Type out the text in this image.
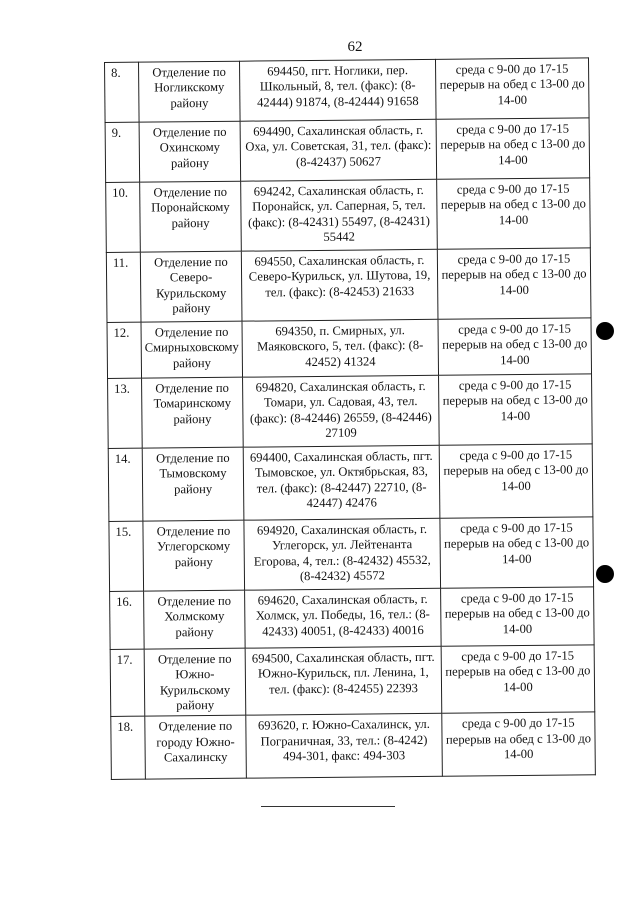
62
8.	Отделение по Ногликскому району	694450, пгт. Ноглики, пер. Школьный, 8, тел. (факс): (8-42444) 91874, (8-42444) 91658	среда с 9-00 до 17-15 перерыв на обед с 13-00 до 14-00
9.	Отделение по Охинскому району	694490, Сахалинская область, г. Оха, ул. Советская, 31, тел. (факс): (8-42437) 50627	среда с 9-00 до 17-15 перерыв на обед с 13-00 до 14-00
10.	Отделение по Поронайскому району	694242, Сахалинская область, г. Поронайск, ул. Саперная, 5, тел. (факс): (8-42431) 55497, (8-42431) 55442	среда с 9-00 до 17-15 перерыв на обед с 13-00 до 14-00
11.	Отделение по Северо-Курильскому району	694550, Сахалинская область, г. Северо-Курильск, ул. Шутова, 19, тел. (факс): (8-42453) 21633	среда с 9-00 до 17-15 перерыв на обед с 13-00 до 14-00
12.	Отделение по Смирныховскому району	694350, п. Смирных, ул. Маяковского, 5, тел. (факс): (8-42452) 41324	среда с 9-00 до 17-15 перерыв на обед с 13-00 до 14-00
13.	Отделение по Томаринскому району	694820, Сахалинская область, г. Томари, ул. Садовая, 43, тел. (факс): (8-42446) 26559, (8-42446) 27109	среда с 9-00 до 17-15 перерыв на обед с 13-00 до 14-00
14.	Отделение по Тымовскому району	694400, Сахалинская область, пгт. Тымовское, ул. Октябрьская, 83, тел. (факс): (8-42447) 22710, (8-42447) 42476	среда с 9-00 до 17-15 перерыв на обед с 13-00 до 14-00
15.	Отделение по Углегорскому району	694920, Сахалинская область, г. Углегорск, ул. Лейтенанта Егорова, 4, тел.: (8-42432) 45532, (8-42432) 45572	среда с 9-00 до 17-15 перерыв на обед с 13-00 до 14-00
16.	Отделение по Холмскому району	694620, Сахалинская область, г. Холмск, ул. Победы, 16, тел.: (8-42433) 40051, (8-42433) 40016	среда с 9-00 до 17-15 перерыв на обед с 13-00 до 14-00
17.	Отделение по Южно-Курильскому району	694500, Сахалинская область, пгт. Южно-Курильск, пл. Ленина, 1, тел. (факс): (8-42455) 22393	среда с 9-00 до 17-15 перерыв на обед с 13-00 до 14-00
18.	Отделение по городу Южно-Сахалинску	693620, г. Южно-Сахалинск, ул. Пограничная, 33, тел.: (8-4242) 494-301, факс: 494-303	среда с 9-00 до 17-15 перерыв на обед с 13-00 до 14-00
